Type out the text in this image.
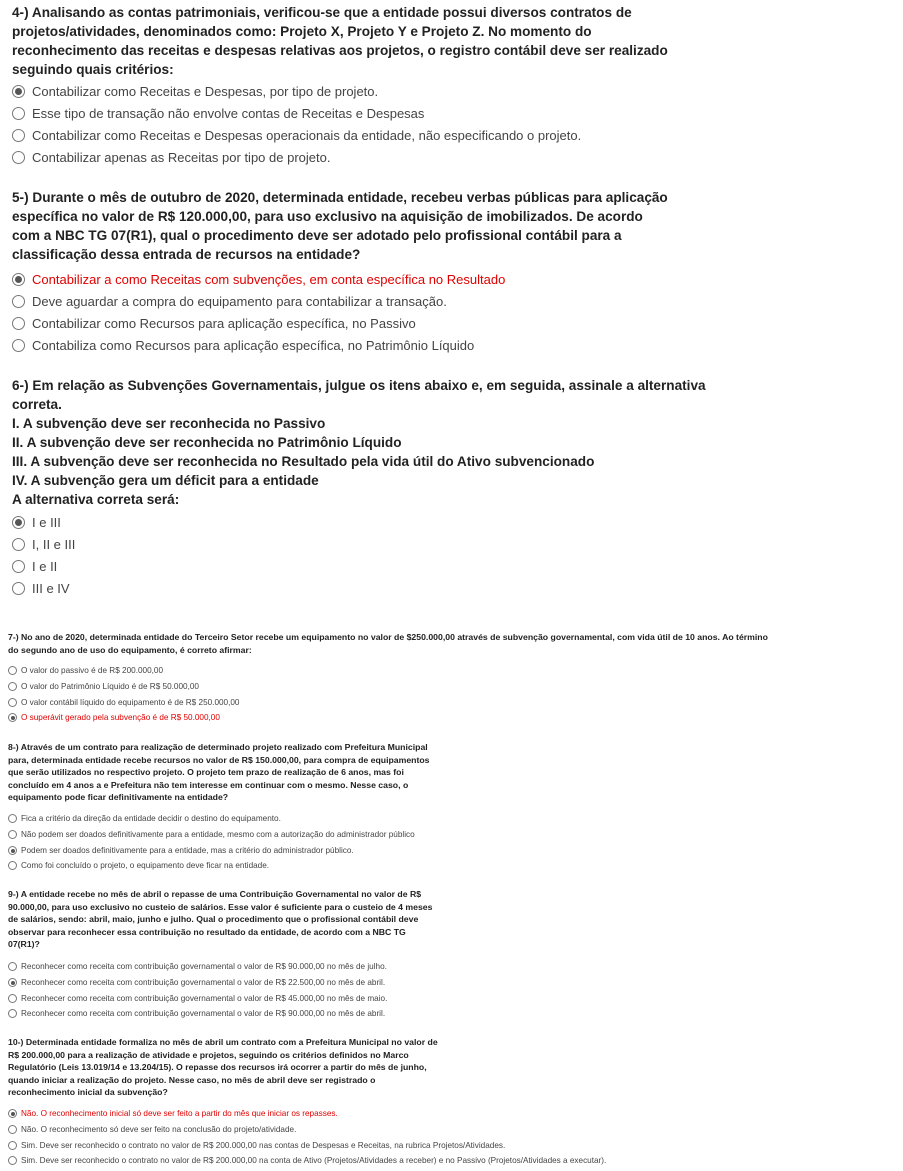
4-) Analisando as contas patrimoniais, verificou-se que a entidade possui diversos contratos de
projetos/atividades, denominados como: Projeto X, Projeto Y e Projeto Z. No momento do
reconhecimento das receitas e despesas relativas aos projetos, o registro contábil deve ser realizado
seguindo quais critérios:
Contabilizar como Receitas e Despesas, por tipo de projeto.
Esse tipo de transação não envolve contas de Receitas e Despesas
Contabilizar como Receitas e Despesas operacionais da entidade, não especificando o projeto.
Contabilizar apenas as Receitas por tipo de projeto.
5-) Durante o mês de outubro de 2020, determinada entidade, recebeu verbas públicas para aplicação
específica no valor de R$ 120.000,00, para uso exclusivo na aquisição de imobilizados. De acordo
com a NBC TG 07(R1), qual o procedimento deve ser adotado pelo profissional contábil para a
classificação dessa entrada de recursos na entidade?
Contabilizar a como Receitas com subvenções, em conta específica no Resultado
Deve aguardar a compra do equipamento para contabilizar a transação.
Contabilizar como Recursos para aplicação específica, no Passivo
Contabiliza como Recursos para aplicação específica, no Patrimônio Líquido
6-) Em relação as Subvenções Governamentais, julgue os itens abaixo e, em seguida, assinale a alternativa
correta.
I. A subvenção deve ser reconhecida no Passivo
II. A subvenção deve ser reconhecida no Patrimônio Líquido
III. A subvenção deve ser reconhecida no Resultado pela vida útil do Ativo subvencionado
IV. A subvenção gera um déficit para a entidade
A alternativa correta será:
I e III
I, II e III
I e II
III e IV
7-) No ano de 2020, determinada entidade do Terceiro Setor recebe um equipamento no valor de $250.000,00 através de subvenção governamental, com vida útil de 10 anos. Ao término
do segundo ano de uso do equipamento, é correto afirmar:
O valor do passivo é de R$ 200.000,00
O valor do Patrimônio Líquido é de R$ 50.000,00
O valor contábil líquido do equipamento é de R$ 250.000,00
O superávit gerado pela subvenção é de R$ 50.000,00
8-) Através de um contrato para realização de determinado projeto realizado com Prefeitura Municipal
para, determinada entidade recebe recursos no valor de R$ 150.000,00, para compra de equipamentos
que serão utilizados no respectivo projeto. O projeto tem prazo de realização de 6 anos, mas foi
concluído em 4 anos a e Prefeitura não tem interesse em continuar com o mesmo. Nesse caso, o
equipamento pode ficar definitivamente na entidade?
Fica a critério da direção da entidade decidir o destino do equipamento.
Não podem ser doados definitivamente para a entidade, mesmo com a autorização do administrador público
Podem ser doados definitivamente para a entidade, mas a critério do administrador público.
Como foi concluído o projeto, o equipamento deve ficar na entidade.
9-) A entidade recebe no mês de abril o repasse de uma Contribuição Governamental no valor de R$
90.000,00, para uso exclusivo no custeio de salários. Esse valor é suficiente para o custeio de 4 meses
de salários, sendo: abril, maio, junho e julho. Qual o procedimento que o profissional contábil deve
observar para reconhecer essa contribuição no resultado da entidade, de acordo com a NBC TG
07(R1)?
Reconhecer como receita com contribuição governamental o valor de R$ 90.000,00 no mês de julho.
Reconhecer como receita com contribuição governamental o valor de R$ 22.500,00 no mês de abril.
Reconhecer como receita com contribuição governamental o valor de R$ 45.000,00 no mês de maio.
Reconhecer como receita com contribuição governamental o valor de R$ 90.000,00 no mês de abril.
10-) Determinada entidade formaliza no mês de abril um contrato com a Prefeitura Municipal no valor de
R$ 200.000,00 para a realização de atividade e projetos, seguindo os critérios definidos no Marco
Regulatório (Leis 13.019/14 e 13.204/15). O repasse dos recursos irá ocorrer a partir do mês de junho,
quando iniciar a realização do projeto. Nesse caso, no mês de abril deve ser registrado o
reconhecimento inicial da subvenção?
Não. O reconhecimento inicial só deve ser feito a partir do mês que iniciar os repasses.
Não. O reconhecimento só deve ser feito na conclusão do projeto/atividade.
Sim. Deve ser reconhecido o contrato no valor de R$ 200.000,00 nas contas de Despesas e Receitas, na rubrica Projetos/Atividades.
Sim. Deve ser reconhecido o contrato no valor de R$ 200.000,00 na conta de Ativo (Projetos/Atividades a receber) e no Passivo (Projetos/Atividades a executar).
